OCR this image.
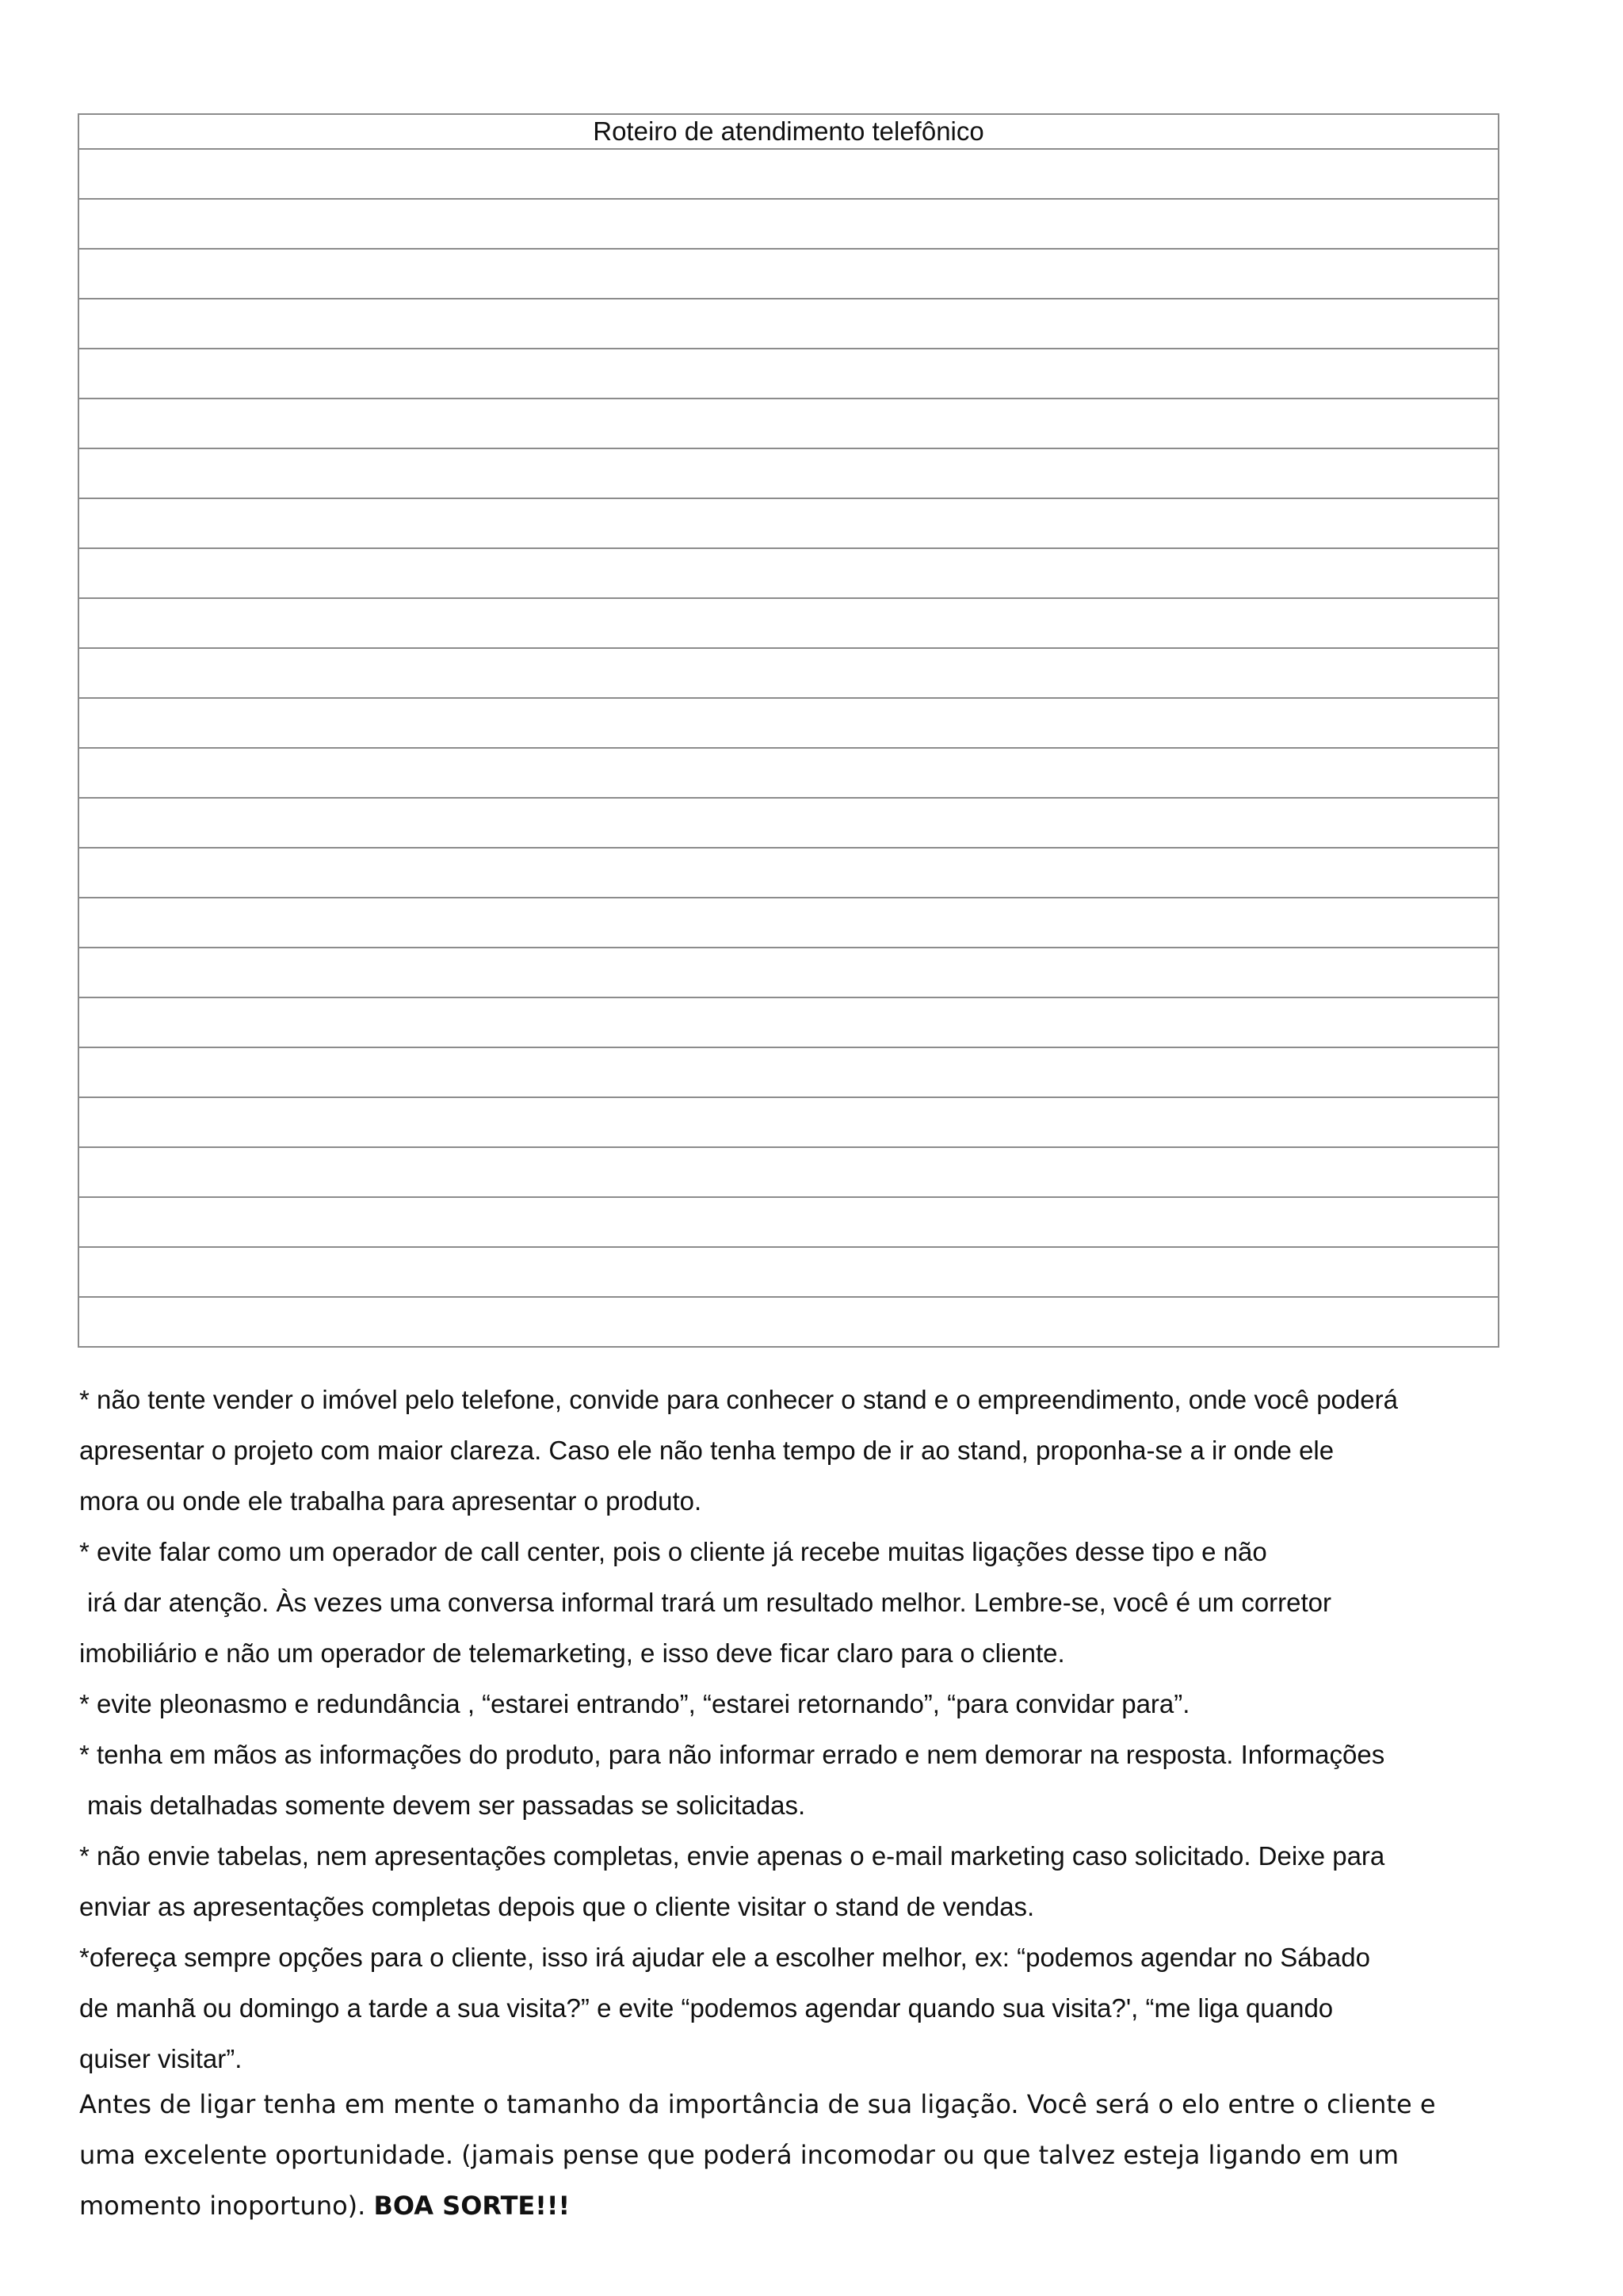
Roteiro de atendimento telefônico

* não tente vender o imóvel pelo telefone, convide para conhecer o stand e o empreendimento, onde você poderá
apresentar o projeto com maior clareza. Caso ele não tenha tempo de ir ao stand, proponha-se a ir onde ele
mora ou onde ele trabalha para apresentar o produto.
* evite falar como um operador de call center, pois o cliente já recebe muitas ligações desse tipo e não
irá dar atenção. Às vezes uma conversa informal trará um resultado melhor. Lembre-se, você é um corretor
imobiliário e não um operador de telemarketing, e isso deve ficar claro para o cliente.
* evite pleonasmo e redundância , “estarei entrando”, “estarei retornando”, “para convidar para”.
* tenha em mãos as informações do produto, para não informar errado e nem demorar na resposta. Informações
mais detalhadas somente devem ser passadas se solicitadas.
* não envie tabelas, nem apresentações completas, envie apenas o e-mail marketing caso solicitado. Deixe para
enviar as apresentações completas depois que o cliente visitar o stand de vendas.
*ofereça sempre opções para o cliente, isso irá ajudar ele a escolher melhor, ex: “podemos agendar no Sábado
de manhã ou domingo a tarde a sua visita?” e evite “podemos agendar quando sua visita?', “me liga quando
quiser visitar”.
Antes de ligar tenha em mente o tamanho da importância de sua ligação. Você será o elo entre o cliente e
uma excelente oportunidade. (jamais pense que poderá incomodar ou que talvez esteja ligando em um
momento inoportuno). BOA SORTE!!!
